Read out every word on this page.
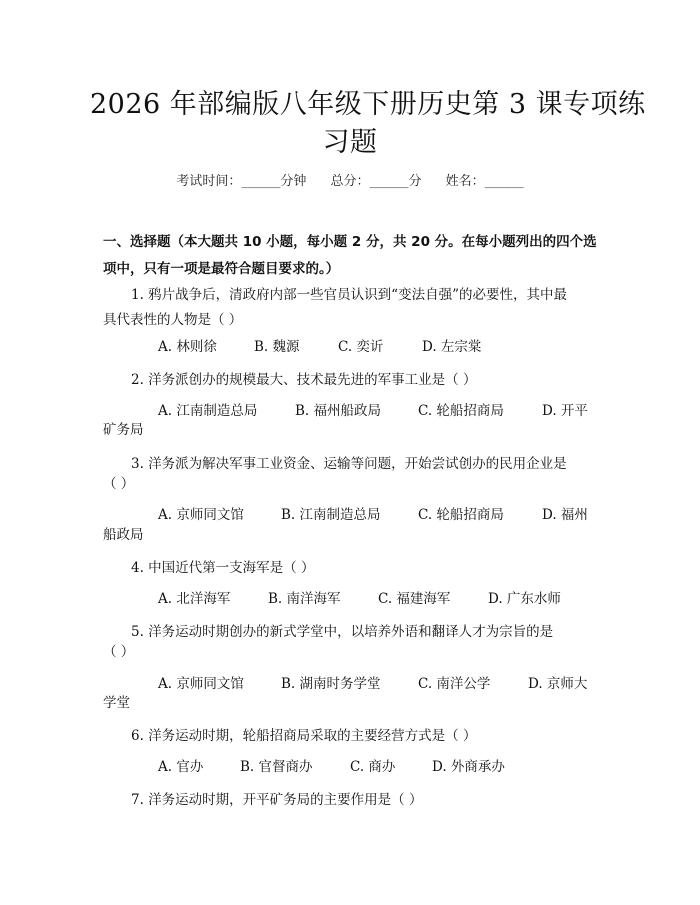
2026 年部编版八年级下册历史第 3 课专项练
习题
考试时间：______分钟 总分：______分 姓名：______
一、选择题（本大题共 10 小题，每小题 2 分，共 20 分。在每小题列出的四个选
项中，只有一项是最符合题目要求的。）
1. 鸦片战争后，清政府内部一些官员认识到“变法自强”的必要性，其中最
具代表性的人物是（ ）
A. 林则徐	B. 魏源	C. 奕䜣	D. 左宗棠
2. 洋务派创办的规模最大、技术最先进的军事工业是（ ）
A. 江南制造总局	B. 福州船政局	C. 轮船招商局	D. 开平
矿务局
3. 洋务派为解决军事工业资金、运输等问题，开始尝试创办的民用企业是
（ ）
A. 京师同文馆	B. 江南制造总局	C. 轮船招商局	D. 福州
船政局
4. 中国近代第一支海军是（ ）
A. 北洋海军	B. 南洋海军	C. 福建海军	D. 广东水师
5. 洋务运动时期创办的新式学堂中，以培养外语和翻译人才为宗旨的是
（ ）
A. 京师同文馆	B. 湖南时务学堂	C. 南洋公学	D. 京师大
学堂
6. 洋务运动时期，轮船招商局采取的主要经营方式是（ ）
A. 官办	B. 官督商办	C. 商办	D. 外商承办
7. 洋务运动时期，开平矿务局的主要作用是（ ）
